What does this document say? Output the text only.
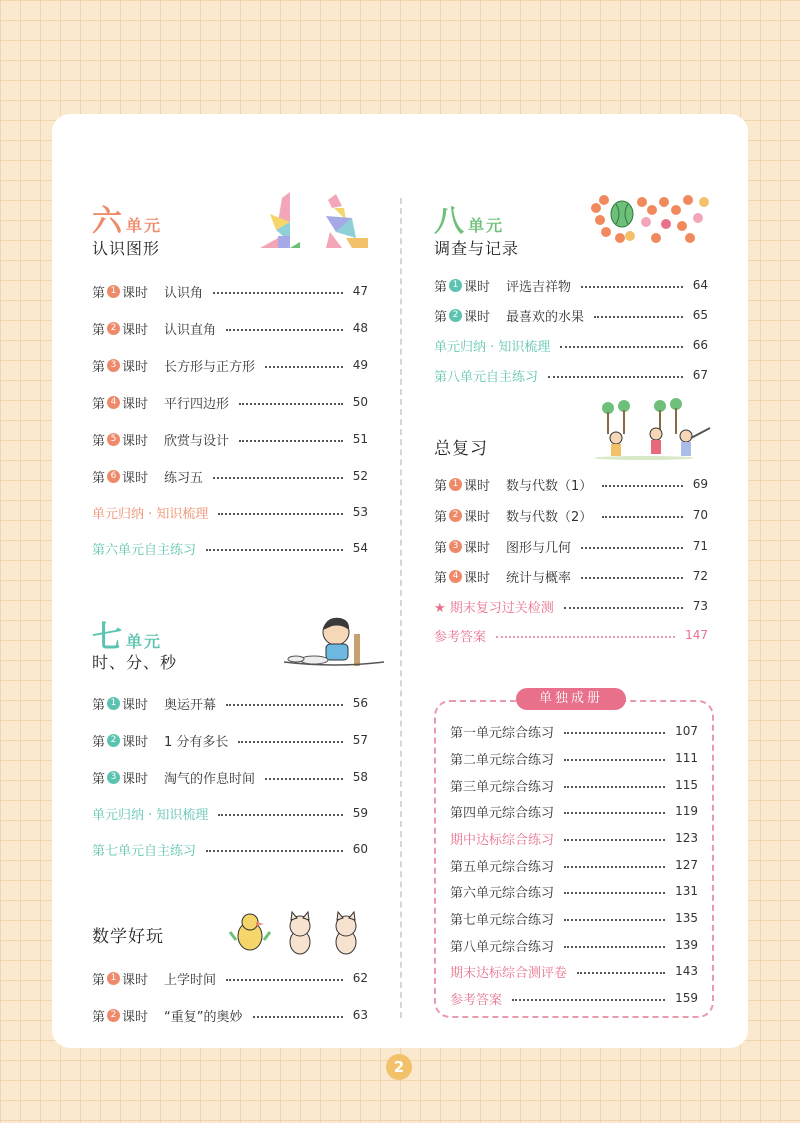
六单元
认识图形
第 1 课时 认识角	47
第 2 课时 认识直角	48
第 3 课时 长方形与正方形	49
第 4 课时 平行四边形	50
第 5 课时 欣赏与设计	51
第 6 课时 练习五	52
单元归纳 · 知识梳理	53
第六单元自主练习	54
七单元
时、分、秒
第 1 课时 奥运开幕	56
第 2 课时 1 分有多长	57
第 3 课时 淘气的作息时间	58
单元归纳 · 知识梳理	59
第七单元自主练习	60
数学好玩
第 1 课时 上学时间	62
第 2 课时 “重复”的奥妙	63
八单元
调查与记录
第 1 课时 评选吉祥物	64
第 2 课时 最喜欢的水果	65
单元归纳 · 知识梳理	66
第八单元自主练习	67
总复习
第 1 课时 数与代数（1）	69
第 2 课时 数与代数（2）	70
第 3 课时 图形与几何	71
第 4 课时 统计与概率	72
★ 期末复习过关检测	73
参考答案	147
单独成册
第一单元综合练习	107
第二单元综合练习	111
第三单元综合练习	115
第四单元综合练习	119
期中达标综合练习	123
第五单元综合练习	127
第六单元综合练习	131
第七单元综合练习	135
第八单元综合练习	139
期末达标综合测评卷	143
参考答案	159
2
